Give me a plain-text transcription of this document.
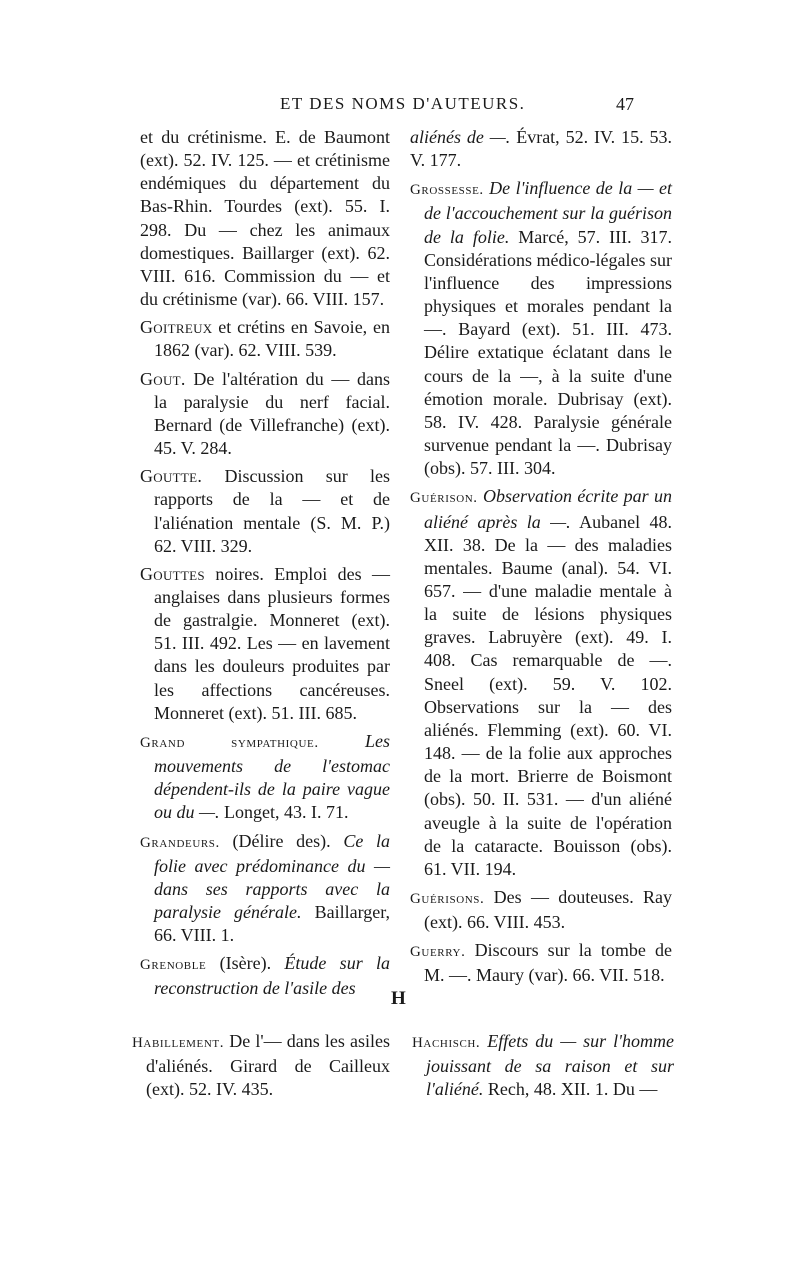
ET DES NOMS D'AUTEURS.	47

et du crétinisme. E. de Baumont (ext). 52. IV. 125. — et crétinisme endémiques du département du Bas-Rhin. Tourdes (ext). 55. I. 298. Du — chez les animaux domestiques. Baillarger (ext). 62. VIII. 616. Commission du — et du crétinisme (var). 66. VIII. 157.

Goitreux et crétins en Savoie, en 1862 (var). 62. VIII. 539.

Gout. De l'altération du — dans la paralysie du nerf facial. Bernard (de Villefranche) (ext). 45. V. 284.

Goutte. Discussion sur les rapports de la — et de l'aliénation mentale (S. M. P.) 62. VIII. 329.

Gouttes noires. Emploi des — anglaises dans plusieurs formes de gastralgie. Monneret (ext). 51. III. 492. Les — en lavement dans les douleurs produites par les affections cancéreuses. Monneret (ext). 51. III. 685.

Grand sympathique. Les mouvements de l'estomac dépendent-ils de la paire vague ou du —. Longet, 43. I. 71.

Grandeurs. (Délire des). Ce la folie avec prédominance du — dans ses rapports avec la paralysie générale. Baillarger, 66. VIII. 1.

Grenoble (Isère). Étude sur la reconstruction de l'asile des

aliénés de —. Évrat, 52. IV. 15. 53. V. 177.

Grossesse. De l'influence de la — et de l'accouchement sur la guérison de la folie. Marcé, 57. III. 317. Considérations médico-légales sur l'influence des impressions physiques et morales pendant la —. Bayard (ext). 51. III. 473. Délire extatique éclatant dans le cours de la —, à la suite d'une émotion morale. Dubrisay (ext). 58. IV. 428. Paralysie générale survenue pendant la —. Dubrisay (obs). 57. III. 304.

Guérison. Observation écrite par un aliéné après la —. Aubanel 48. XII. 38. De la — des maladies mentales. Baume (anal). 54. VI. 657. — d'une maladie mentale à la suite de lésions physiques graves. Labruyère (ext). 49. I. 408. Cas remarquable de —. Sneel (ext). 59. V. 102. Observations sur la — des aliénés. Flemming (ext). 60. VI. 148. — de la folie aux approches de la mort. Brierre de Boismont (obs). 50. II. 531. — d'un aliéné aveugle à la suite de l'opération de la cataracte. Bouisson (obs). 61. VII. 194.

Guérisons. Des — douteuses. Ray (ext). 66. VIII. 453.

Guerry. Discours sur la tombe de M. —. Maury (var). 66. VII. 518.

H

Habillement. De l'— dans les asiles d'aliénés. Girard de Cailleux (ext). 52. IV. 435.

Hachisch. Effets du — sur l'homme jouissant de sa raison et sur l'aliéné. Rech, 48. XII. 1. Du —
